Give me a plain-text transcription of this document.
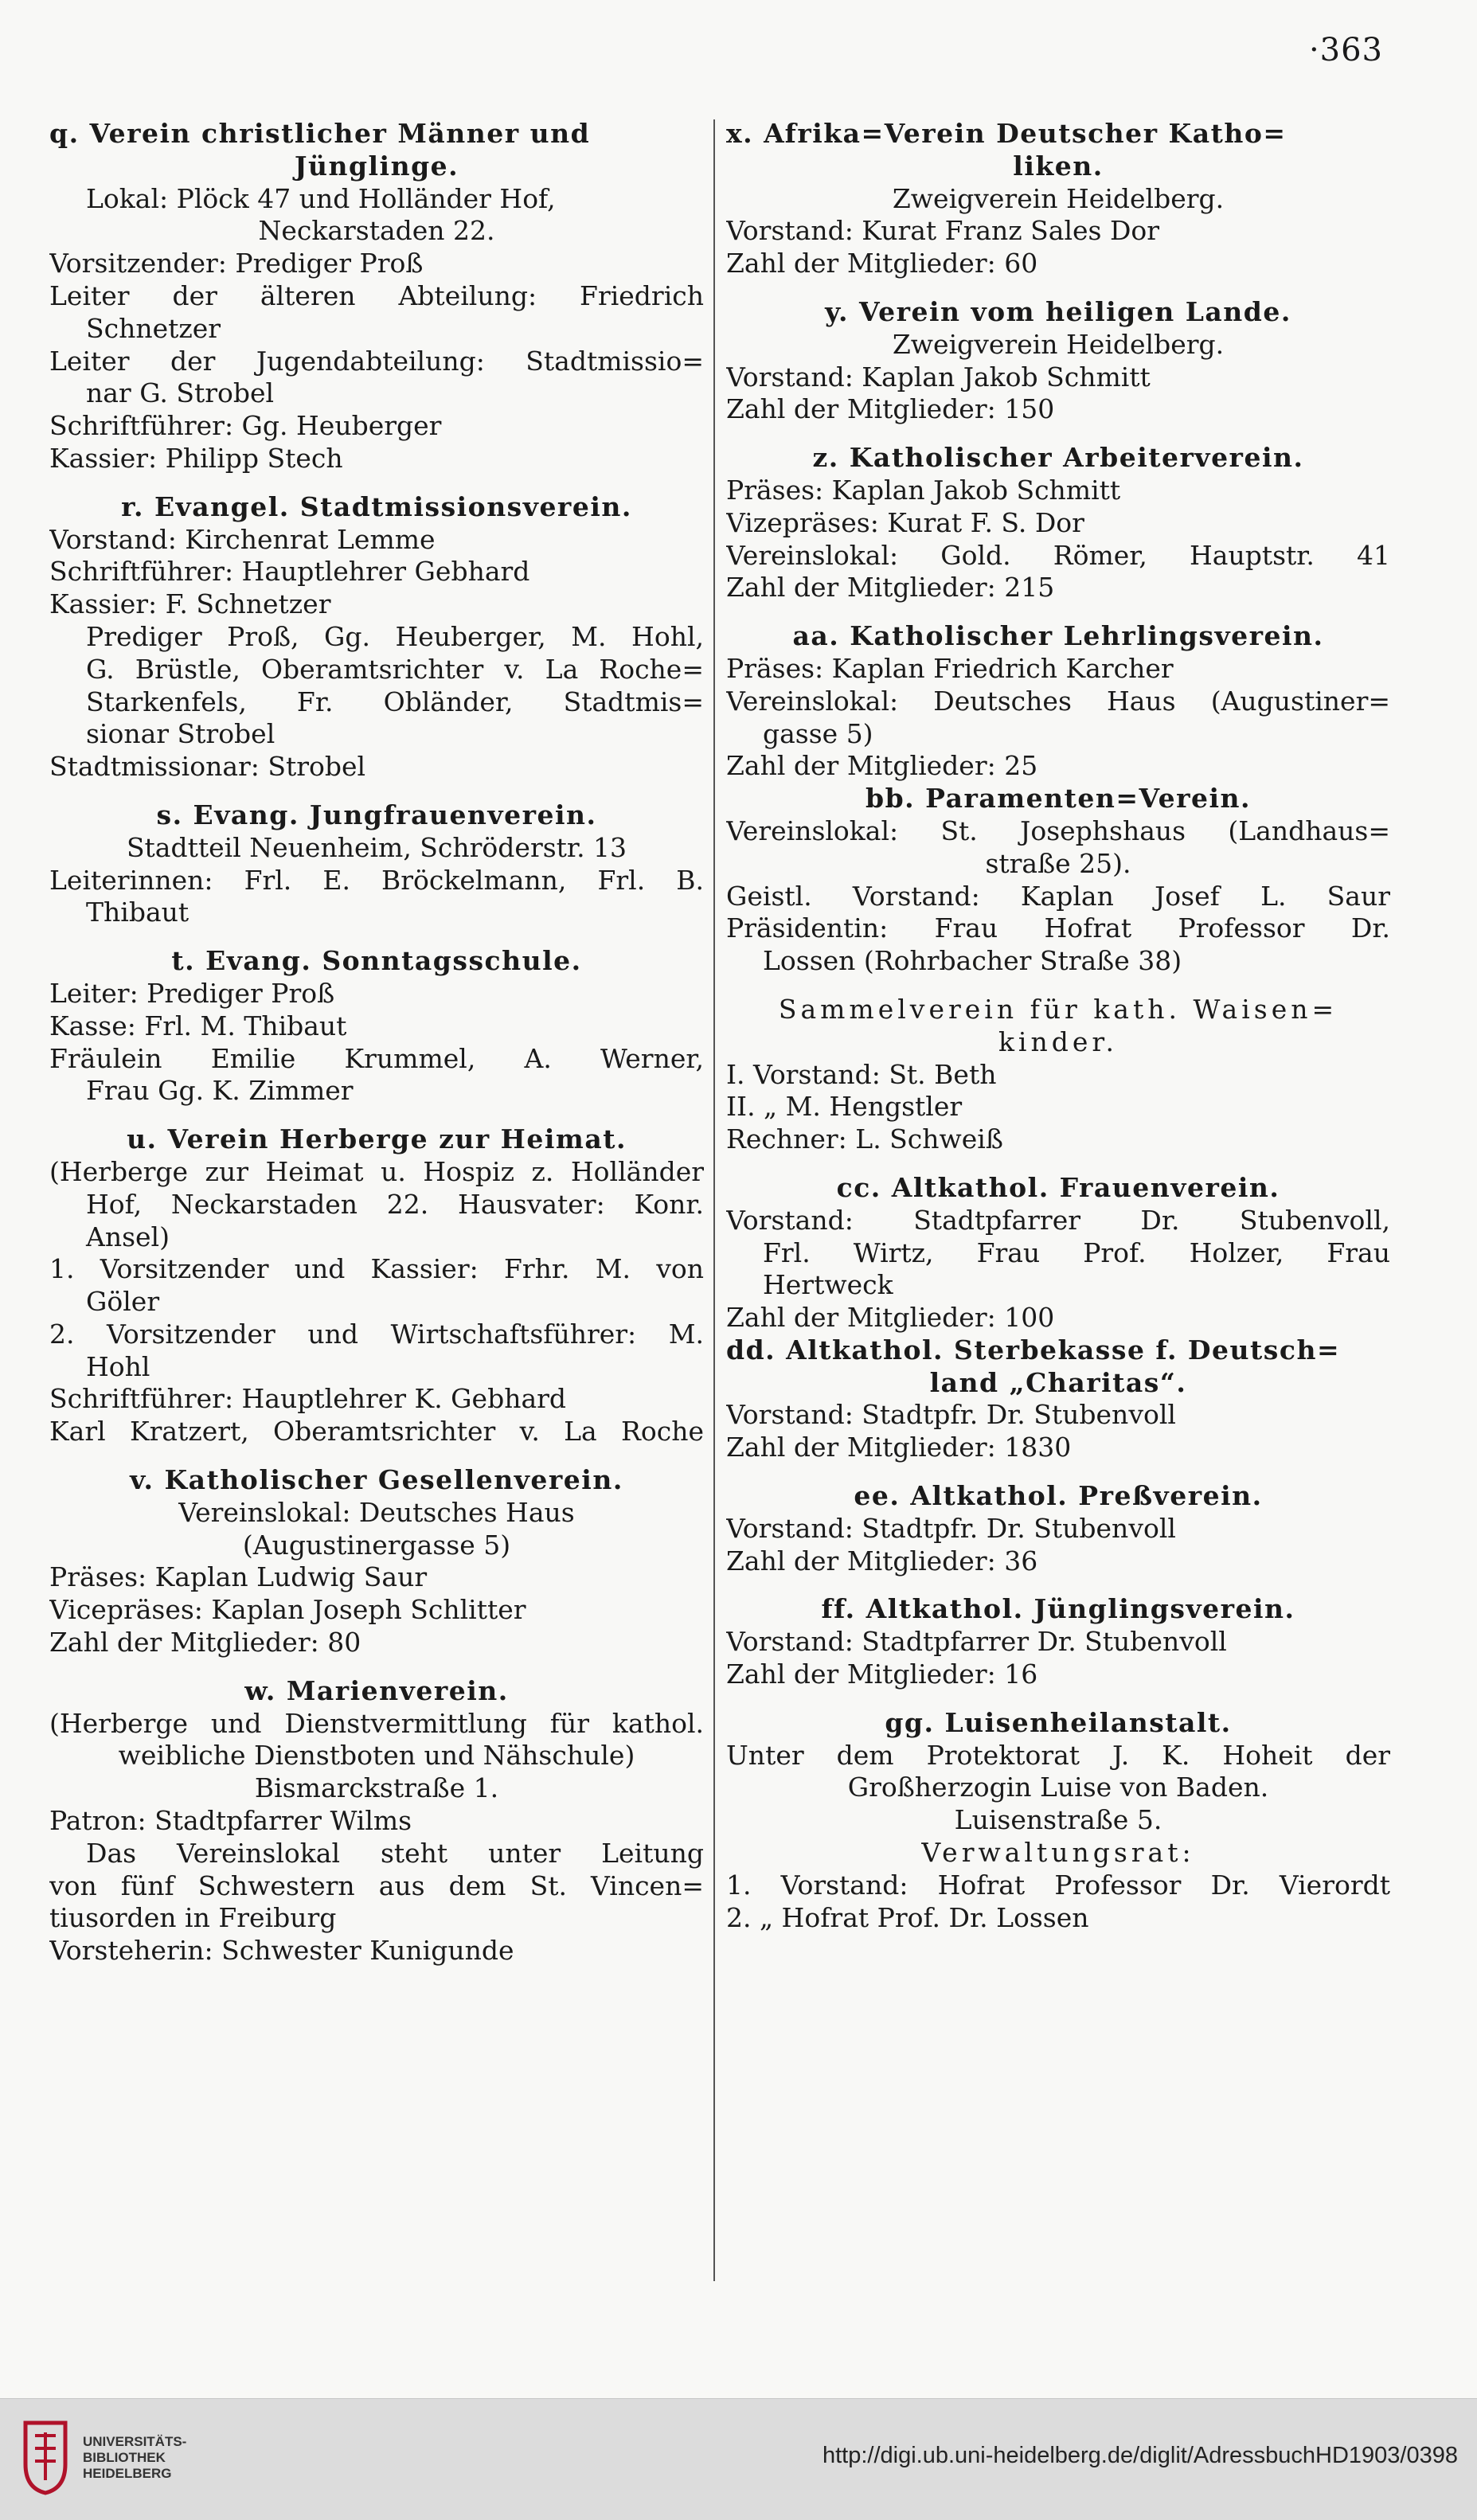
·363
q. Verein christlicher Männer und
Jünglinge.
Lokal: Plöck 47 und Holländer Hof,
Neckarstaden 22.
Vorsitzender: Prediger Proß
Leiter der älteren Abteilung: Friedrich
Schnetzer
Leiter der Jugendabteilung: Stadtmissio=
nar G. Strobel
Schriftführer: Gg. Heuberger
Kassier: Philipp Stech
r. Evangel. Stadtmissionsverein.
Vorstand: Kirchenrat Lemme
Schriftführer: Hauptlehrer Gebhard
Kassier: F. Schnetzer
Prediger Proß, Gg. Heuberger, M. Hohl,
G. Brüstle, Oberamtsrichter v. La Roche=
Starkenfels, Fr. Obländer, Stadtmis=
sionar Strobel
Stadtmissionar: Strobel
s. Evang. Jungfrauenverein.
Stadtteil Neuenheim, Schröderstr. 13
Leiterinnen: Frl. E. Bröckelmann, Frl. B.
Thibaut
t. Evang. Sonntagsschule.
Leiter: Prediger Proß
Kasse: Frl. M. Thibaut
Fräulein Emilie Krummel, A. Werner,
Frau Gg. K. Zimmer
u. Verein Herberge zur Heimat.
(Herberge zur Heimat u. Hospiz z. Holländer
Hof, Neckarstaden 22. Hausvater: Konr.
Ansel)
1. Vorsitzender und Kassier: Frhr. M. von
Göler
2. Vorsitzender und Wirtschaftsführer: M.
Hohl
Schriftführer: Hauptlehrer K. Gebhard
Karl Kratzert, Oberamtsrichter v. La Roche
v. Katholischer Gesellenverein.
Vereinslokal: Deutsches Haus
(Augustinergasse 5)
Präses: Kaplan Ludwig Saur
Vicepräses: Kaplan Joseph Schlitter
Zahl der Mitglieder: 80
w. Marienverein.
(Herberge und Dienstvermittlung für kathol.
weibliche Dienstboten und Nähschule)
Bismarckstraße 1.
Patron: Stadtpfarrer Wilms
Das Vereinslokal steht unter Leitung
von fünf Schwestern aus dem St. Vincen=
tiusorden in Freiburg
Vorsteherin: Schwester Kunigunde
x. Afrika=Verein Deutscher Katho=
liken.
Zweigverein Heidelberg.
Vorstand: Kurat Franz Sales Dor
Zahl der Mitglieder: 60
y. Verein vom heiligen Lande.
Zweigverein Heidelberg.
Vorstand: Kaplan Jakob Schmitt
Zahl der Mitglieder: 150
z. Katholischer Arbeiterverein.
Präses: Kaplan Jakob Schmitt
Vizepräses: Kurat F. S. Dor
Vereinslokal: Gold. Römer, Hauptstr. 41
Zahl der Mitglieder: 215
aa. Katholischer Lehrlingsverein.
Präses: Kaplan Friedrich Karcher
Vereinslokal: Deutsches Haus (Augustiner=
gasse 5)
Zahl der Mitglieder: 25
bb. Paramenten=Verein.
Vereinslokal: St. Josephshaus (Landhaus=
straße 25).
Geistl. Vorstand: Kaplan Josef L. Saur
Präsidentin: Frau Hofrat Professor Dr.
Lossen (Rohrbacher Straße 38)
Sammelverein für kath. Waisen=
kinder.
I. Vorstand: St. Beth
II. „ M. Hengstler
Rechner: L. Schweiß
cc. Altkathol. Frauenverein.
Vorstand: Stadtpfarrer Dr. Stubenvoll,
Frl. Wirtz, Frau Prof. Holzer, Frau
Hertweck
Zahl der Mitglieder: 100
dd. Altkathol. Sterbekasse f. Deutsch=
land „Charitas“.
Vorstand: Stadtpfr. Dr. Stubenvoll
Zahl der Mitglieder: 1830
ee. Altkathol. Preßverein.
Vorstand: Stadtpfr. Dr. Stubenvoll
Zahl der Mitglieder: 36
ff. Altkathol. Jünglingsverein.
Vorstand: Stadtpfarrer Dr. Stubenvoll
Zahl der Mitglieder: 16
gg. Luisenheilanstalt.
Unter dem Protektorat J. K. Hoheit der
Großherzogin Luise von Baden.
Luisenstraße 5.
Verwaltungsrat:
1. Vorstand: Hofrat Professor Dr. Vierordt
2. „ Hofrat Prof. Dr. Lossen
UNIVERSITÄTS-
BIBLIOTHEK
HEIDELBERG
http://digi.ub.uni-heidelberg.de/diglit/AdressbuchHD1903/0398
